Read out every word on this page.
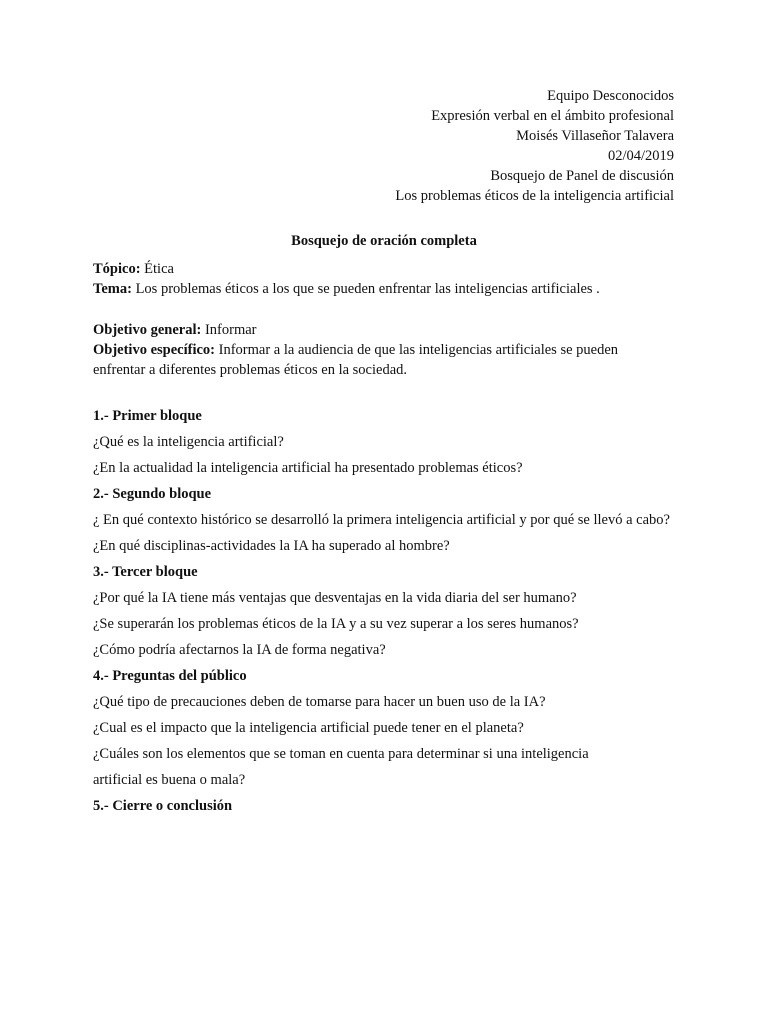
Equipo Desconocidos
Expresión verbal en el ámbito profesional
Moisés Villaseñor Talavera
02/04/2019
Bosquejo de Panel de discusión
Los problemas éticos de la inteligencia artificial
Bosquejo de oración completa
Tópico: Ética
Tema: Los problemas éticos a los que se pueden enfrentar las inteligencias artificiales .
Objetivo general: Informar
Objetivo específico: Informar a la audiencia de que las inteligencias artificiales se pueden
enfrentar a diferentes problemas éticos en la sociedad.
1.- Primer bloque
¿Qué es la inteligencia artificial?
¿En la actualidad la inteligencia artificial ha presentado problemas éticos?
2.- Segundo bloque
¿ En qué contexto histórico se desarrolló la primera inteligencia artificial y por qué se llevó a cabo?
¿En qué disciplinas-actividades la IA ha superado al hombre?
3.- Tercer bloque
¿Por qué la IA tiene más ventajas que desventajas en la vida diaria del ser humano?
¿Se superarán los problemas éticos de la IA y a su vez superar a los seres humanos?
¿Cómo podría afectarnos la IA de forma negativa?
4.- Preguntas del público
¿Qué tipo de precauciones deben de tomarse para hacer un buen uso de la IA?
¿Cual es el impacto que la inteligencia artificial puede tener en el planeta?
¿Cuáles son los elementos que se toman en cuenta para determinar si una inteligencia artificial es buena o mala?
5.- Cierre o conclusión
